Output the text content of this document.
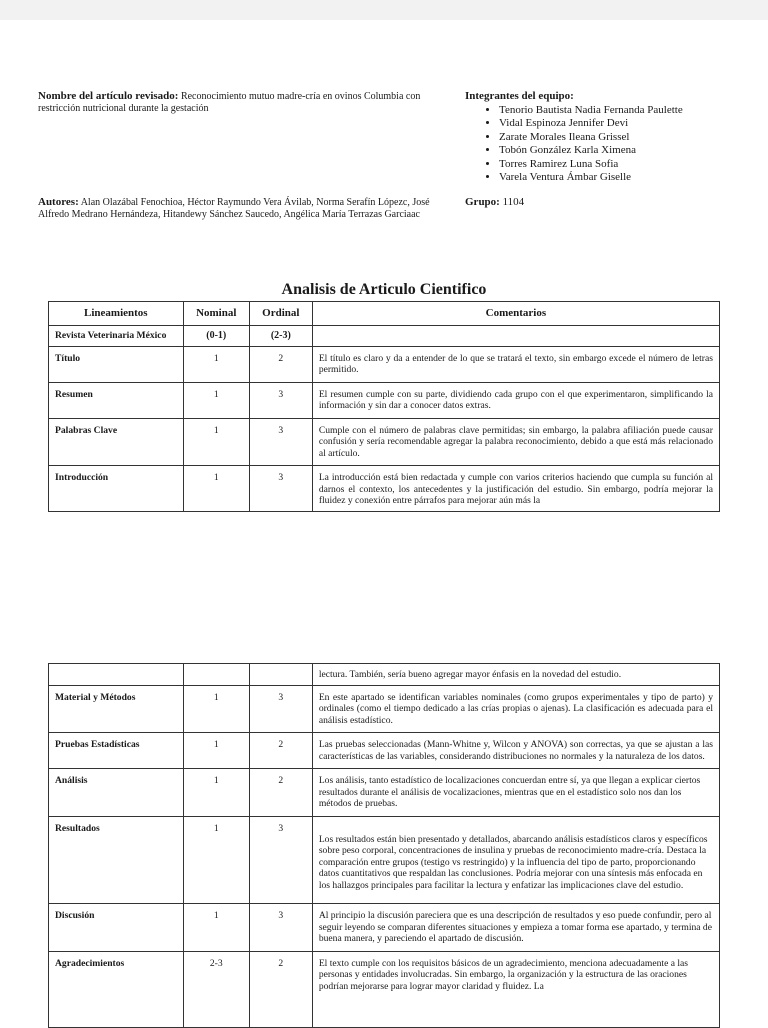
Nombre del artículo revisado: Reconocimiento mutuo madre-cría en ovinos Columbia con restricción nutricional durante la gestación
Autores: Alan Olazábal Fenochioa, Héctor Raymundo Vera Ávilab, Norma Serafín Lópezc, José Alfredo Medrano Hernándeza, Hitandewy Sánchez Saucedo, Angélica María Terrazas Garciaac
Integrantes del equipo:
• Tenorio Bautista Nadia Fernanda Paulette
• Vidal Espinoza Jennifer Devi
• Zarate Morales Ileana Grissel
• Tobón González Karla Ximena
• Torres Ramirez Luna Sofia
• Varela Ventura Ámbar Giselle
Grupo: 1104
Analisis de Articulo Cientifico
Lineamientos	Nominal	Ordinal	Comentarios
Revista Veterinaria México	(0-1)	(2-3)	
Título	1	2	El título es claro y da a entender de lo que se tratará el texto, sin embargo excede el número de letras permitido.
Resumen	1	3	El resumen cumple con su parte, dividiendo cada grupo con el que experimentaron, simplificando la información y sin dar a conocer datos extras.
Palabras Clave	1	3	Cumple con el número de palabras clave permitidas; sin embargo, la palabra afiliación puede causar confusión y sería recomendable agregar la palabra reconocimiento, debido a que está más relacionado al artículo.
Introducción	1	3	La introducción está bien redactada y cumple con varios criterios haciendo que cumpla su función al darnos el contexto, los antecedentes y la justificación del estudio. Sin embargo, podría mejorar la fluidez y conexión entre párrafos para mejorar aún más la
			lectura. También, sería bueno agregar mayor énfasis en la novedad del estudio.
Material y Métodos	1	3	En este apartado se identifican variables nominales (como grupos experimentales y tipo de parto) y ordinales (como el tiempo dedicado a las crías propias o ajenas). La clasificación es adecuada para el análisis estadístico.
Pruebas Estadísticas	1	2	Las pruebas seleccionadas (Mann-Whitne y, Wilcon y ANOVA) son correctas, ya que se ajustan a las características de las variables, considerando distribuciones no normales y la naturaleza de los datos.
Análisis	1	2	Los análisis, tanto estadístico de localizaciones concuerdan entre sí, ya que llegan a explicar ciertos resultados durante el análisis de vocalizaciones, mientras que en el estadístico solo nos dan los métodos de pruebas.
Resultados	1	3	Los resultados están bien presentado y detallados, abarcando análisis estadísticos claros y específicos sobre peso corporal, concentraciones de insulina y pruebas de reconocimiento madre-cría. Destaca la comparación entre grupos (testigo vs restringido) y la influencia del tipo de parto, proporcionando datos cuantitativos que respaldan las conclusiones. Podría mejorar con una síntesis más enfocada en los hallazgos principales para facilitar la lectura y enfatizar las implicaciones clave del estudio.
Discusión	1	3	Al principio la discusión pareciera que es una descripción de resultados y eso puede confundir, pero al seguir leyendo se comparan diferentes situaciones y empieza a tomar forma ese apartado, y termina de buena manera, y pareciendo el apartado de discusión.
Agradecimientos	2-3	2	El texto cumple con los requisitos básicos de un agradecimiento, menciona adecuadamente a las personas y entidades involucradas. Sin embargo, la organización y la estructura de las oraciones podrían mejorarse para lograr mayor claridad y fluidez. La
